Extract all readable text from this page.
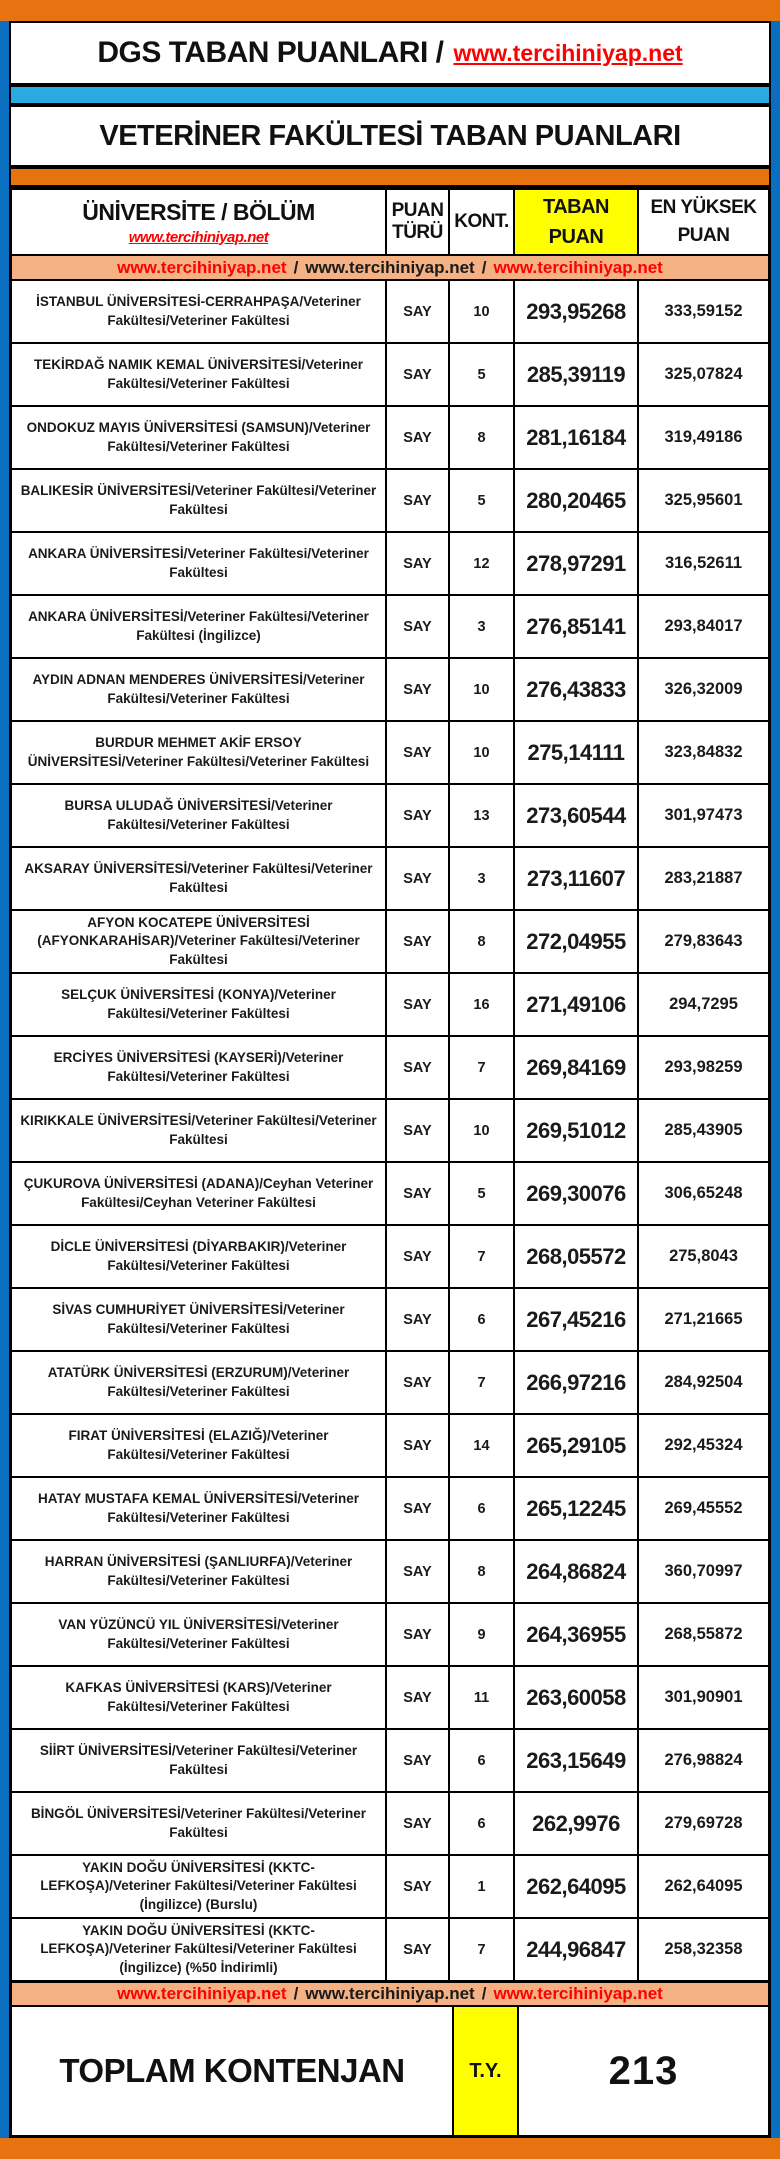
DGS TABAN PUANLARI / www.tercihiniyap.net
VETERİNER FAKÜLTESİ TABAN PUANLARI
ÜNİVERSİTE / BÖLÜM
www.tercihiniyap.net
PUAN TÜRÜ
KONT.
TABAN PUAN
EN YÜKSEK PUAN
www.tercihiniyap.net / www.tercihiniyap.net / www.tercihiniyap.net
İSTANBUL ÜNİVERSİTESİ-CERRAHPAŞA/Veteriner Fakültesi/Veteriner Fakültesi
SAY	10	293,95268	333,59152
TEKİRDAĞ NAMIK KEMAL ÜNİVERSİTESİ/Veteriner Fakültesi/Veteriner Fakültesi
SAY	5	285,39119	325,07824
ONDOKUZ MAYIS ÜNİVERSİTESİ (SAMSUN)/Veteriner Fakültesi/Veteriner Fakültesi
SAY	8	281,16184	319,49186
BALIKESİR ÜNİVERSİTESİ/Veteriner Fakültesi/Veteriner Fakültesi
SAY	5	280,20465	325,95601
ANKARA ÜNİVERSİTESİ/Veteriner Fakültesi/Veteriner Fakültesi
SAY	12	278,97291	316,52611
ANKARA ÜNİVERSİTESİ/Veteriner Fakültesi/Veteriner Fakültesi (İngilizce)
SAY	3	276,85141	293,84017
AYDIN ADNAN MENDERES ÜNİVERSİTESİ/Veteriner Fakültesi/Veteriner Fakültesi
SAY	10	276,43833	326,32009
BURDUR MEHMET AKİF ERSOY ÜNİVERSİTESİ/Veteriner Fakültesi/Veteriner Fakültesi
SAY	10	275,14111	323,84832
BURSA ULUDAĞ ÜNİVERSİTESİ/Veteriner Fakültesi/Veteriner Fakültesi
SAY	13	273,60544	301,97473
AKSARAY ÜNİVERSİTESİ/Veteriner Fakültesi/Veteriner Fakültesi
SAY	3	273,11607	283,21887
AFYON KOCATEPE ÜNİVERSİTESİ (AFYONKARAHİSAR)/Veteriner Fakültesi/Veteriner Fakültesi
SAY	8	272,04955	279,83643
SELÇUK ÜNİVERSİTESİ (KONYA)/Veteriner Fakültesi/Veteriner Fakültesi
SAY	16	271,49106	294,7295
ERCİYES ÜNİVERSİTESİ (KAYSERİ)/Veteriner Fakültesi/Veteriner Fakültesi
SAY	7	269,84169	293,98259
KIRIKKALE ÜNİVERSİTESİ/Veteriner Fakültesi/Veteriner Fakültesi
SAY	10	269,51012	285,43905
ÇUKUROVA ÜNİVERSİTESİ (ADANA)/Ceyhan Veteriner Fakültesi/Ceyhan Veteriner Fakültesi
SAY	5	269,30076	306,65248
DİCLE ÜNİVERSİTESİ (DİYARBAKIR)/Veteriner Fakültesi/Veteriner Fakültesi
SAY	7	268,05572	275,8043
SİVAS CUMHURİYET ÜNİVERSİTESİ/Veteriner Fakültesi/Veteriner Fakültesi
SAY	6	267,45216	271,21665
ATATÜRK ÜNİVERSİTESİ (ERZURUM)/Veteriner Fakültesi/Veteriner Fakültesi
SAY	7	266,97216	284,92504
FIRAT ÜNİVERSİTESİ (ELAZIĞ)/Veteriner Fakültesi/Veteriner Fakültesi
SAY	14	265,29105	292,45324
HATAY MUSTAFA KEMAL ÜNİVERSİTESİ/Veteriner Fakültesi/Veteriner Fakültesi
SAY	6	265,12245	269,45552
HARRAN ÜNİVERSİTESİ (ŞANLIURFA)/Veteriner Fakültesi/Veteriner Fakültesi
SAY	8	264,86824	360,70997
VAN YÜZÜNCÜ YIL ÜNİVERSİTESİ/Veteriner Fakültesi/Veteriner Fakültesi
SAY	9	264,36955	268,55872
KAFKAS ÜNİVERSİTESİ (KARS)/Veteriner Fakültesi/Veteriner Fakültesi
SAY	11	263,60058	301,90901
SİİRT ÜNİVERSİTESİ/Veteriner Fakültesi/Veteriner Fakültesi
SAY	6	263,15649	276,98824
BİNGÖL ÜNİVERSİTESİ/Veteriner Fakültesi/Veteriner Fakültesi
SAY	6	262,9976	279,69728
YAKIN DOĞU ÜNİVERSİTESİ (KKTC-LEFKOŞA)/Veteriner Fakültesi/Veteriner Fakültesi (İngilizce) (Burslu)
SAY	1	262,64095	262,64095
YAKIN DOĞU ÜNİVERSİTESİ (KKTC-LEFKOŞA)/Veteriner Fakültesi/Veteriner Fakültesi (İngilizce) (%50 İndirimli)
SAY	7	244,96847	258,32358
www.tercihiniyap.net / www.tercihiniyap.net / www.tercihiniyap.net
TOPLAM KONTENJAN	T.Y.	213
